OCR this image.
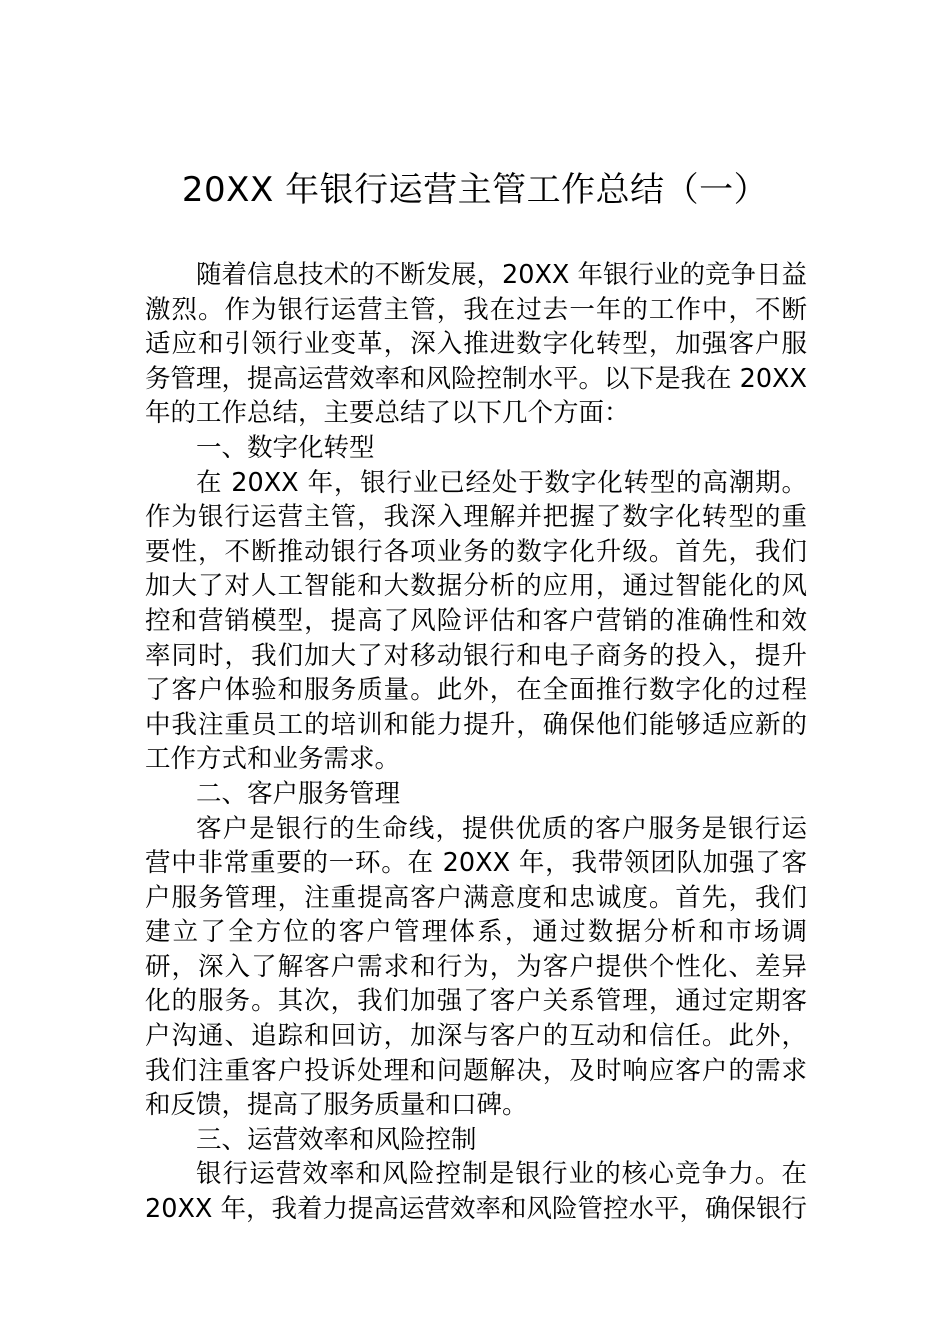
20XX 年银行运营主管工作总结（一）

随着信息技术的不断发展，20XX 年银行业的竞争日益激烈。作为银行运营主管，我在过去一年的工作中，不断适应和引领行业变革，深入推进数字化转型，加强客户服务管理，提高运营效率和风险控制水平。以下是我在 20XX 年的工作总结，主要总结了以下几个方面：

一、数字化转型

在 20XX 年，银行业已经处于数字化转型的高潮期。作为银行运营主管，我深入理解并把握了数字化转型的重要性，不断推动银行各项业务的数字化升级。首先，我们加大了对人工智能和大数据分析的应用，通过智能化的风控和营销模型，提高了风险评估和客户营销的准确性和效率同时，我们加大了对移动银行和电子商务的投入，提升了客户体验和服务质量。此外，在全面推行数字化的过程中我注重员工的培训和能力提升，确保他们能够适应新的工作方式和业务需求。

二、客户服务管理

客户是银行的生命线，提供优质的客户服务是银行运营中非常重要的一环。在 20XX 年，我带领团队加强了客户服务管理，注重提高客户满意度和忠诚度。首先，我们建立了全方位的客户管理体系，通过数据分析和市场调研，深入了解客户需求和行为，为客户提供个性化、差异化的服务。其次，我们加强了客户关系管理，通过定期客户沟通、追踪和回访，加深与客户的互动和信任。此外，我们注重客户投诉处理和问题解决，及时响应客户的需求和反馈，提高了服务质量和口碑。

三、运营效率和风险控制

银行运营效率和风险控制是银行业的核心竞争力。在 20XX 年，我着力提高运营效率和风险管控水平，确保银行
